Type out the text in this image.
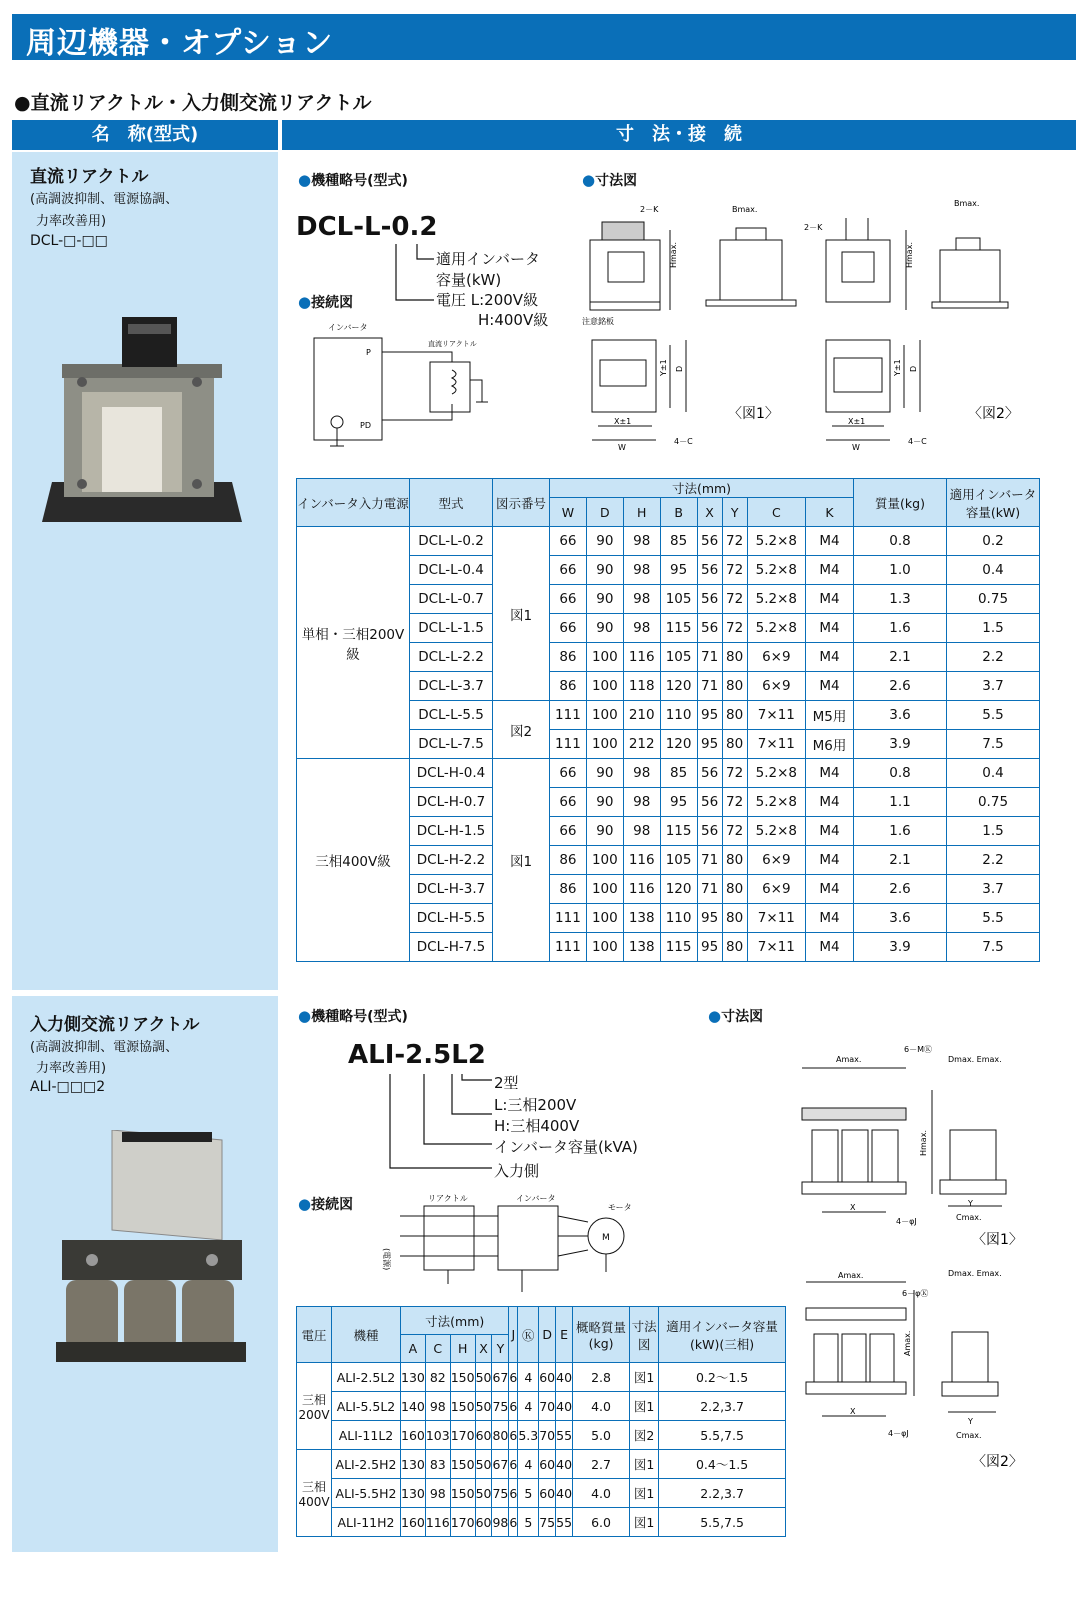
周辺機器・オプション
●直流リアクトル・入力側交流リアクトル
名　称(型式)	寸　法・接　続
直流リアクトル
(高調波抑制、電源協調、
力率改善用)
DCL-□-□□
●機種略号(型式)	●寸法図
DCL-L-0.2
適用インバータ
容量(kW)
電圧 L:200V級
H:400V級
●接続図
インバータ
P
PD
直流リアクトル
2－K
2－K
Bmax.
Bmax.
Hmax.	Hmax.
注意銘板
Y±1 D	Y±1 D
X±1
W
X±1
W
4－C	4－C
〈図1〉	〈図2〉
インバータ入力電源	型式	図示番号	寸法(mm)								質量(kg)	適用インバータ容量(kW)
			W	D	H	B	X	Y	C	K		
単相・三相200V級	DCL-L-0.2	図1	66	90	98	85	56	72	5.2×8	M4	0.8	0.2
	DCL-L-0.4		66	90	98	95	56	72	5.2×8	M4	1.0	0.4
	DCL-L-0.7		66	90	98	105	56	72	5.2×8	M4	1.3	0.75
	DCL-L-1.5		66	90	98	115	56	72	5.2×8	M4	1.6	1.5
	DCL-L-2.2		86	100	116	105	71	80	6×9	M4	2.1	2.2
	DCL-L-3.7		86	100	118	120	71	80	6×9	M4	2.6	3.7
	DCL-L-5.5	図2	111	100	210	110	95	80	7×11	M5用	3.6	5.5
	DCL-L-7.5		111	100	212	120	95	80	7×11	M6用	3.9	7.5
三相400V級	DCL-H-0.4	図1	66	90	98	85	56	72	5.2×8	M4	0.8	0.4
	DCL-H-0.7		66	90	98	95	56	72	5.2×8	M4	1.1	0.75
	DCL-H-1.5		66	90	98	115	56	72	5.2×8	M4	1.6	1.5
	DCL-H-2.2		86	100	116	105	71	80	6×9	M4	2.1	2.2
	DCL-H-3.7		86	100	116	120	71	80	6×9	M4	2.6	3.7
	DCL-H-5.5		111	100	138	110	95	80	7×11	M4	3.6	5.5
	DCL-H-7.5		111	100	138	115	95	80	7×11	M4	3.9	7.5
入力側交流リアクトル
(高調波抑制、電源協調、
力率改善用)
ALI-□□□2
●機種略号(型式)	●寸法図
ALI-2.5L2
2型
L:三相200V
H:三相400V
インバータ容量(kVA)
入力側
●接続図	リアクトル	インバータ
モータ
(電源)
M
Amax.
6－MⓀ
Dmax. Emax.
Hmax.
X
4－φJ
Y
Cmax.
〈図1〉
Amax.	Dmax. Emax.
6－φⓀ
Amax.
X
4－φJ
Y
Cmax.
〈図2〉
電圧	機種	寸法(mm)					J	Ⓚ	D	E	概略質量(kg)	寸法図	適用インバータ容量(kW)(三相)
		A	C	H	X	Y							
三相200V	ALI-2.5L2	130	82	150	50	67	6	4	60	40	2.8	図1	0.2～1.5
	ALI-5.5L2	140	98	150	50	75	6	4	70	40	4.0	図1	2.2,3.7
	ALI-11L2	160	103	170	60	80	6	5.3	70	55	5.0	図2	5.5,7.5
三相400V	ALI-2.5H2	130	83	150	50	67	6	4	60	40	2.7	図1	0.4～1.5
	ALI-5.5H2	130	98	150	50	75	6	5	60	40	4.0	図1	2.2,3.7
	ALI-11H2	160	116	170	60	98	6	5	75	55	6.0	図1	5.5,7.5
